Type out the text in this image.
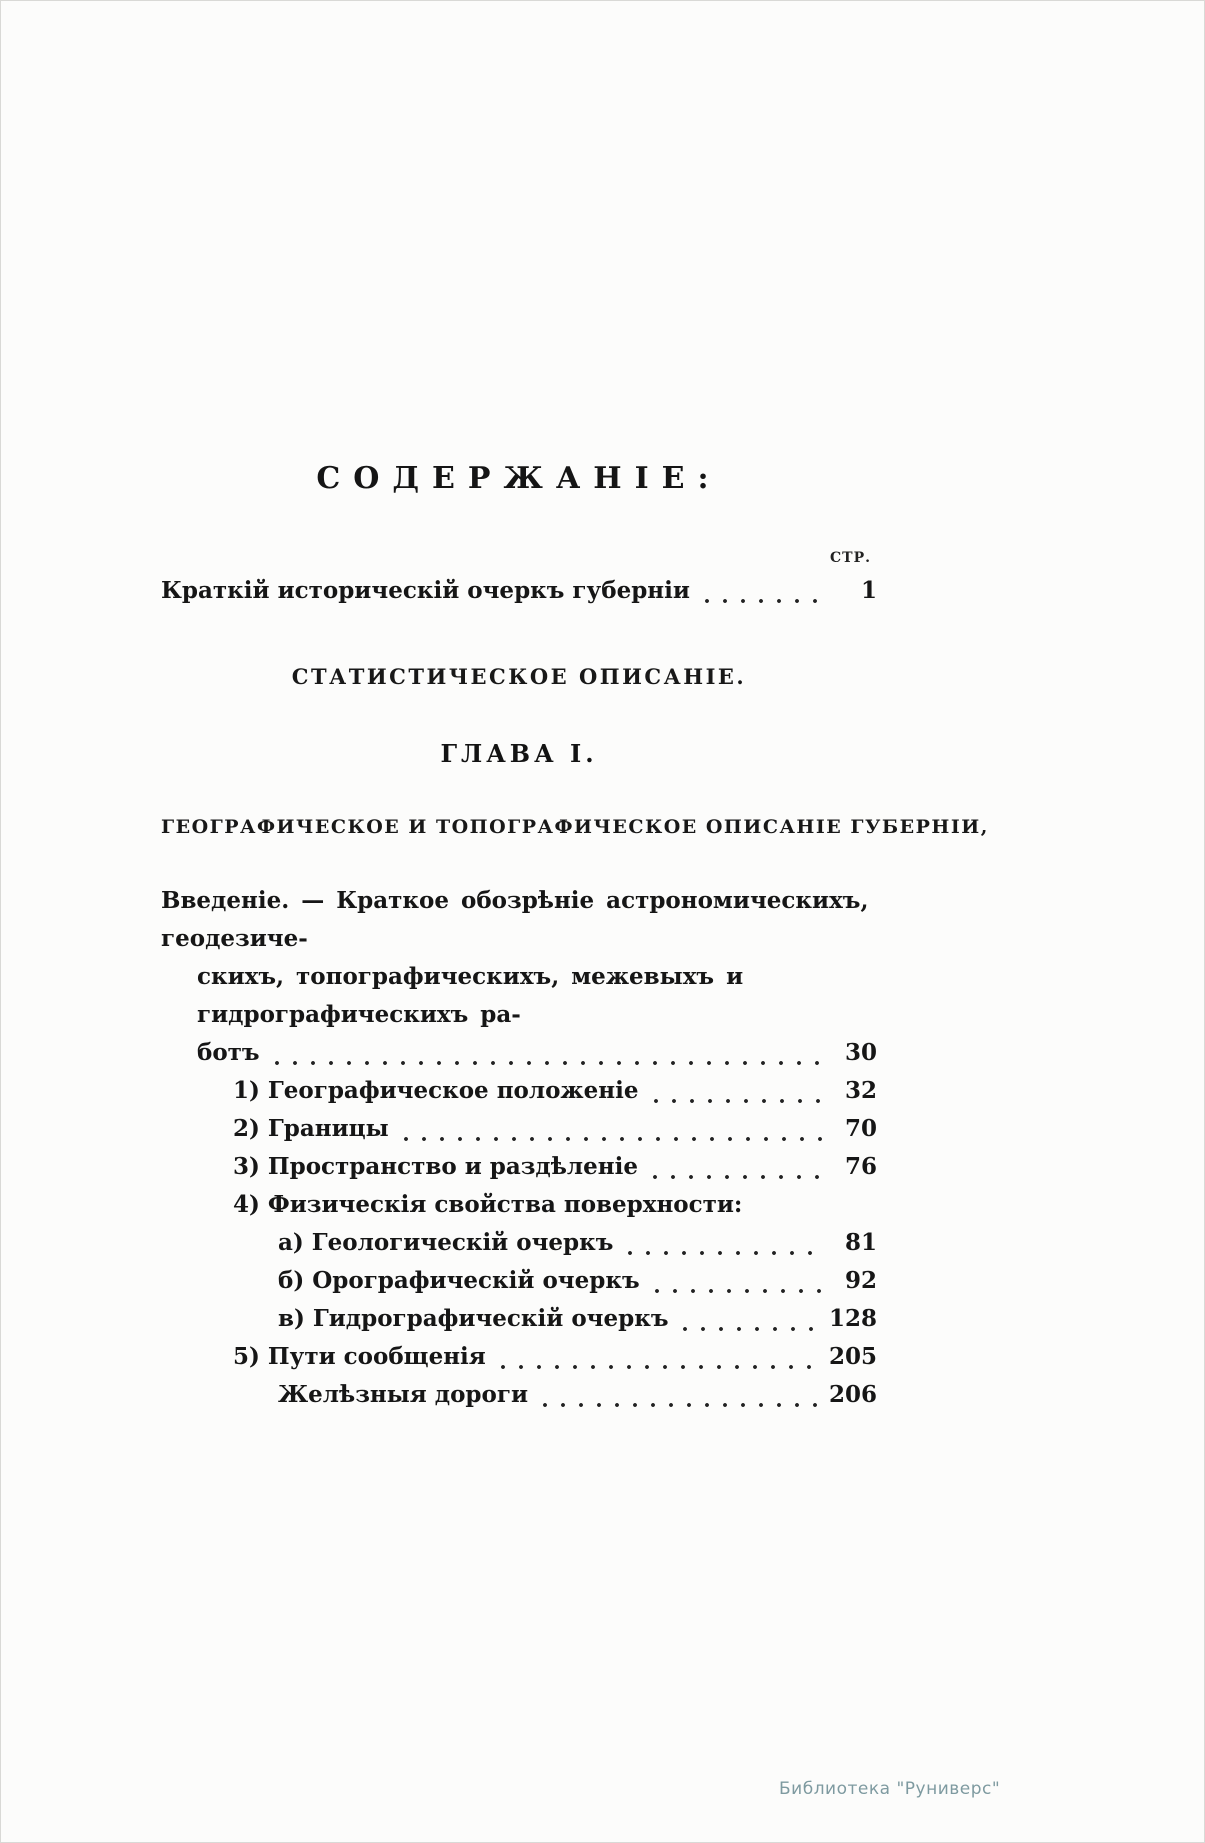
СОДЕРЖАНІЕ:
СТР.
Краткій историческій очеркъ губерніи	1
СТАТИСТИЧЕСКОЕ ОПИСАНІЕ.
ГЛАВА I.
ГЕОГРАФИЧЕСКОЕ И ТОПОГРАФИЧЕСКОЕ ОПИСАНІЕ ГУБЕРНІИ,
Введеніе. — Краткое обозрѣніе астрономическихъ, геодезиче-
скихъ, топографическихъ, межевыхъ и гидрографическихъ ра-
ботъ	30
1) Географическое положеніе	32
2) Границы	70
3) Пространство и раздѣленіе	76
4) Физическія свойства поверхности:
а) Геологическій очеркъ	81
б) Орографическій очеркъ	92
в) Гидрографическій очеркъ	128
5) Пути сообщенія	205
Желѣзныя дороги	206
Библиотека "Руниверс"
